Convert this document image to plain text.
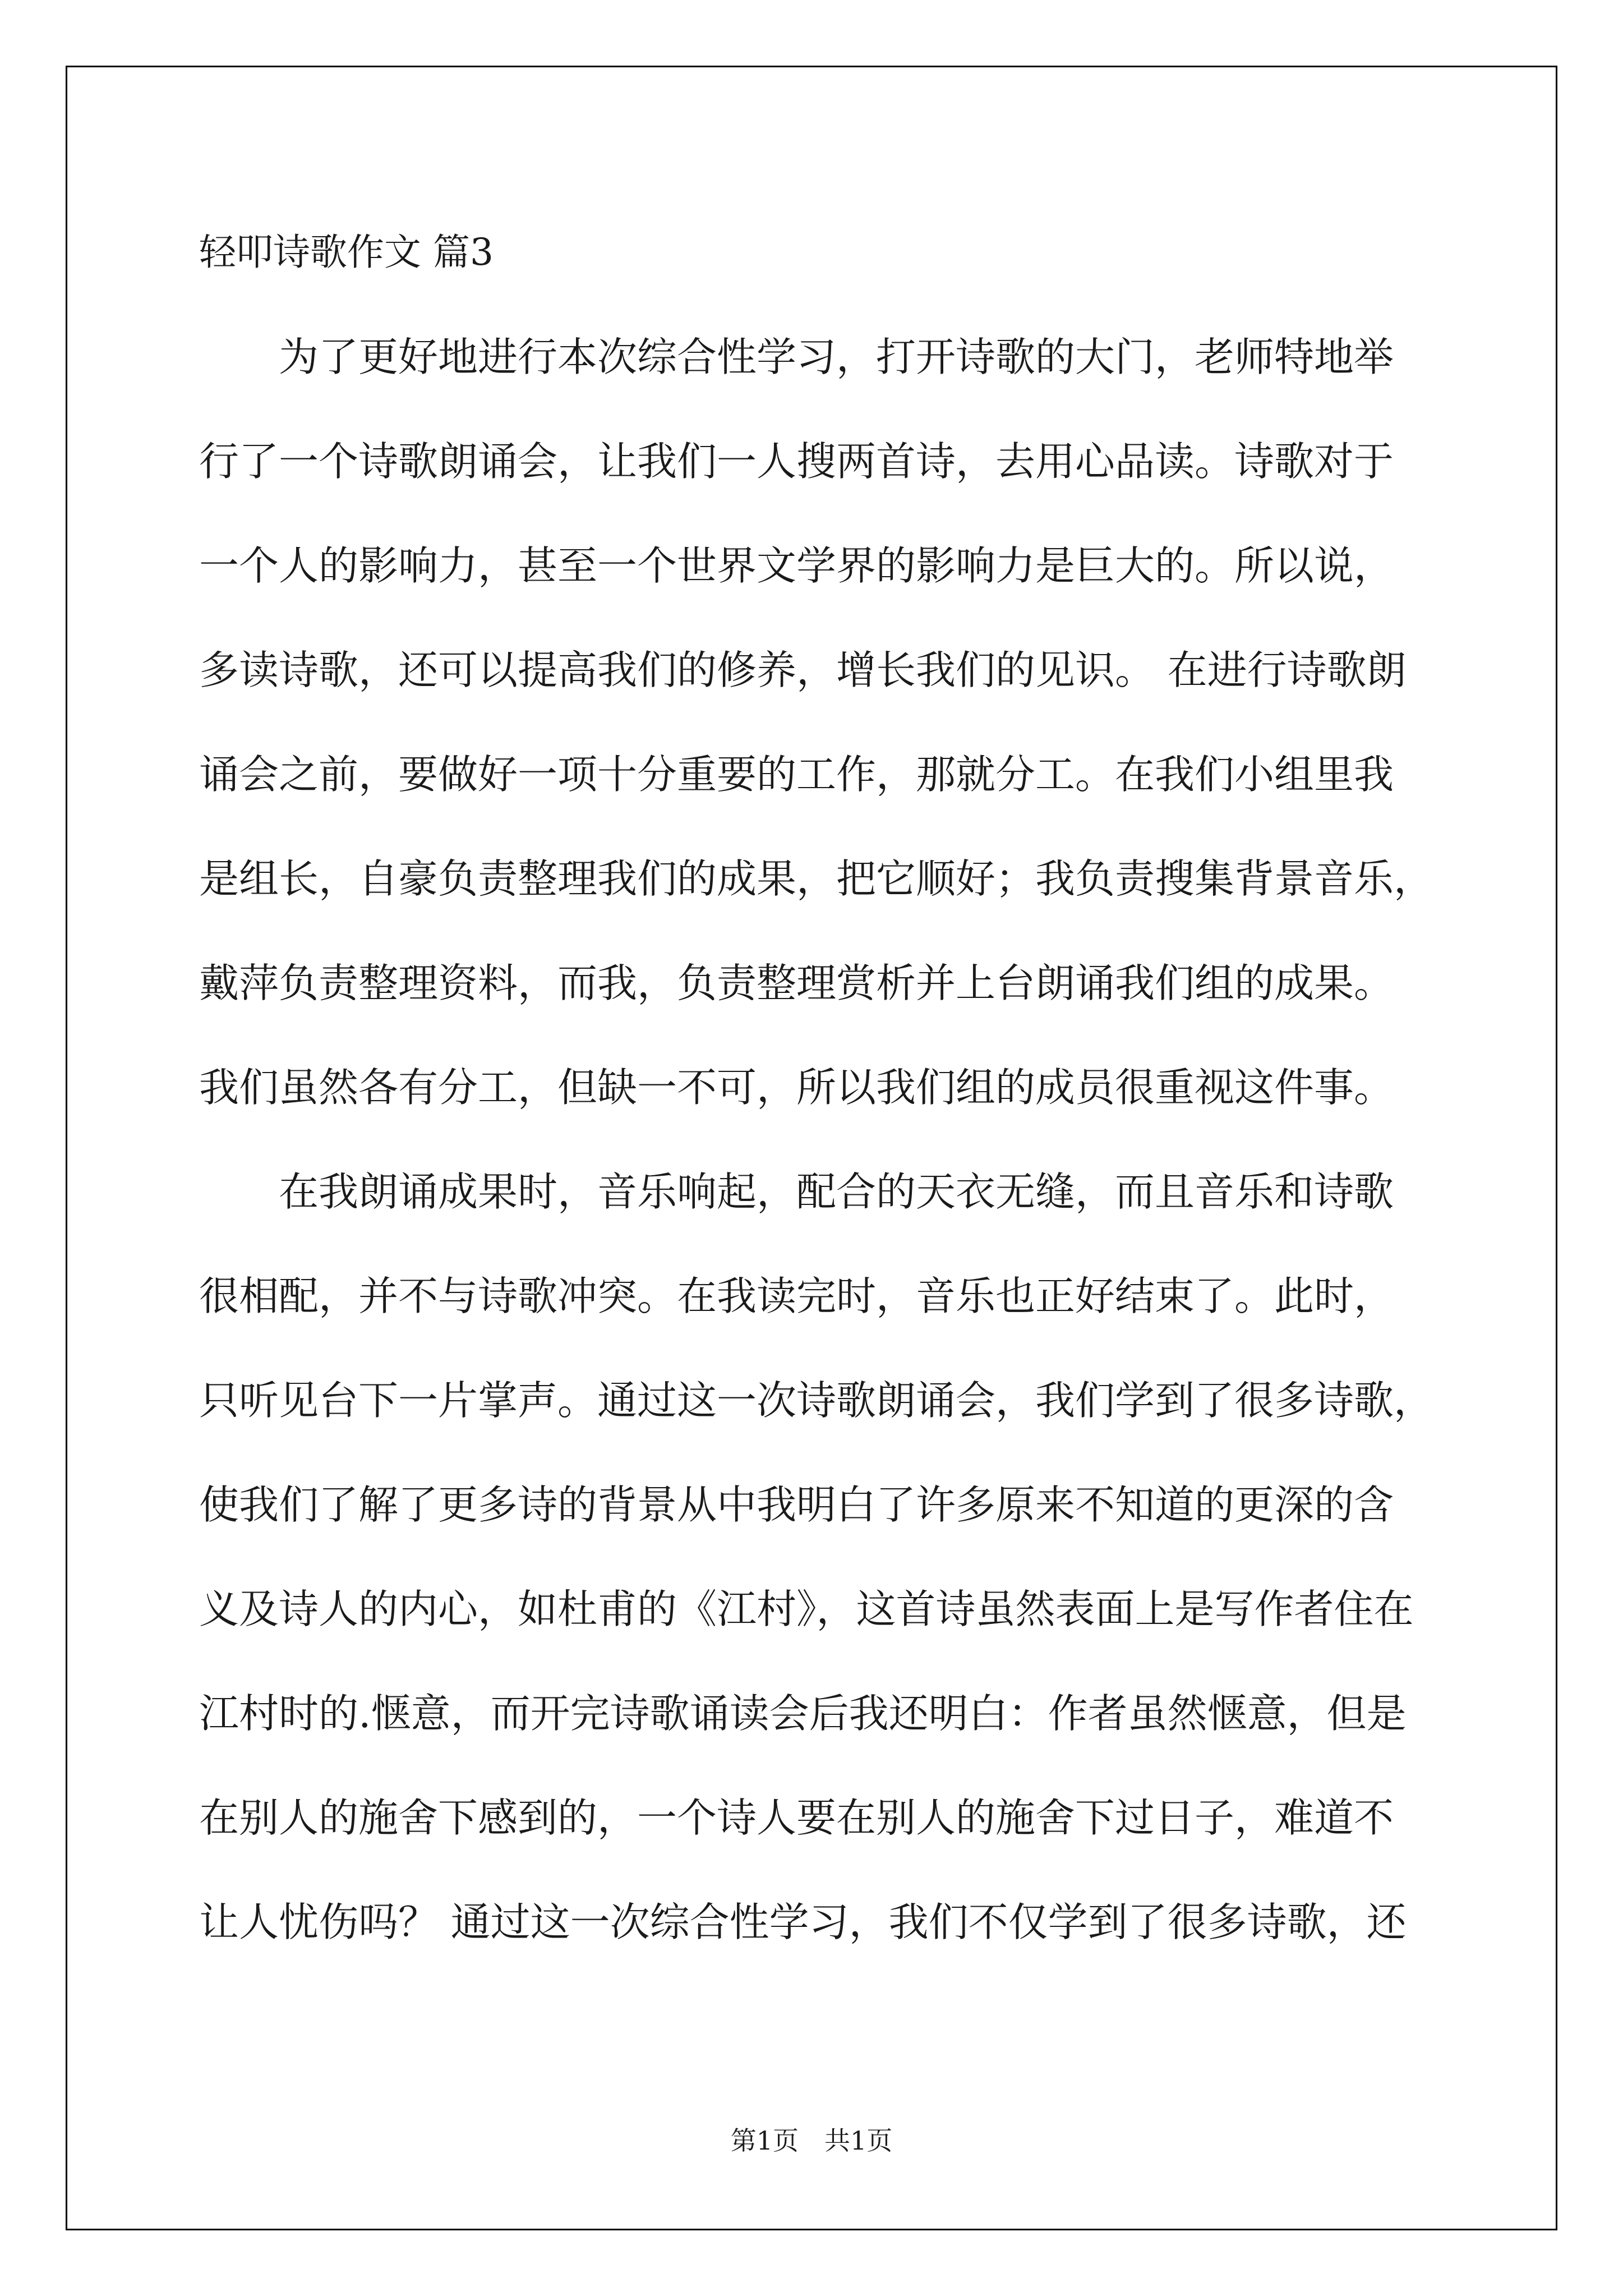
轻叩诗歌作文 篇3
　　为了更好地进行本次综合性学习，打开诗歌的大门，老师特地举
行了一个诗歌朗诵会，让我们一人搜两首诗，去用心品读。诗歌对于
一个人的影响力，甚至一个世界文学界的影响力是巨大的。所以说，
多读诗歌，还可以提高我们的修养，增长我们的见识。 在进行诗歌朗
诵会之前，要做好一项十分重要的工作，那就分工。在我们小组里我
是组长，自豪负责整理我们的成果，把它顺好；我负责搜集背景音乐，
戴萍负责整理资料，而我，负责整理赏析并上台朗诵我们组的成果。
我们虽然各有分工，但缺一不可，所以我们组的成员很重视这件事。
　　在我朗诵成果时，音乐响起，配合的天衣无缝，而且音乐和诗歌
很相配，并不与诗歌冲突。在我读完时，音乐也正好结束了。此时，
只听见台下一片掌声。通过这一次诗歌朗诵会，我们学到了很多诗歌，
使我们了解了更多诗的背景从中我明白了许多原来不知道的更深的含
义及诗人的内心，如杜甫的《江村》，这首诗虽然表面上是写作者住在
江村时的.惬意，而开完诗歌诵读会后我还明白：作者虽然惬意，但是
在别人的施舍下感到的，一个诗人要在别人的施舍下过日子，难道不
让人忧伤吗？ 通过这一次综合性学习，我们不仅学到了很多诗歌，还
第1页　共1页
